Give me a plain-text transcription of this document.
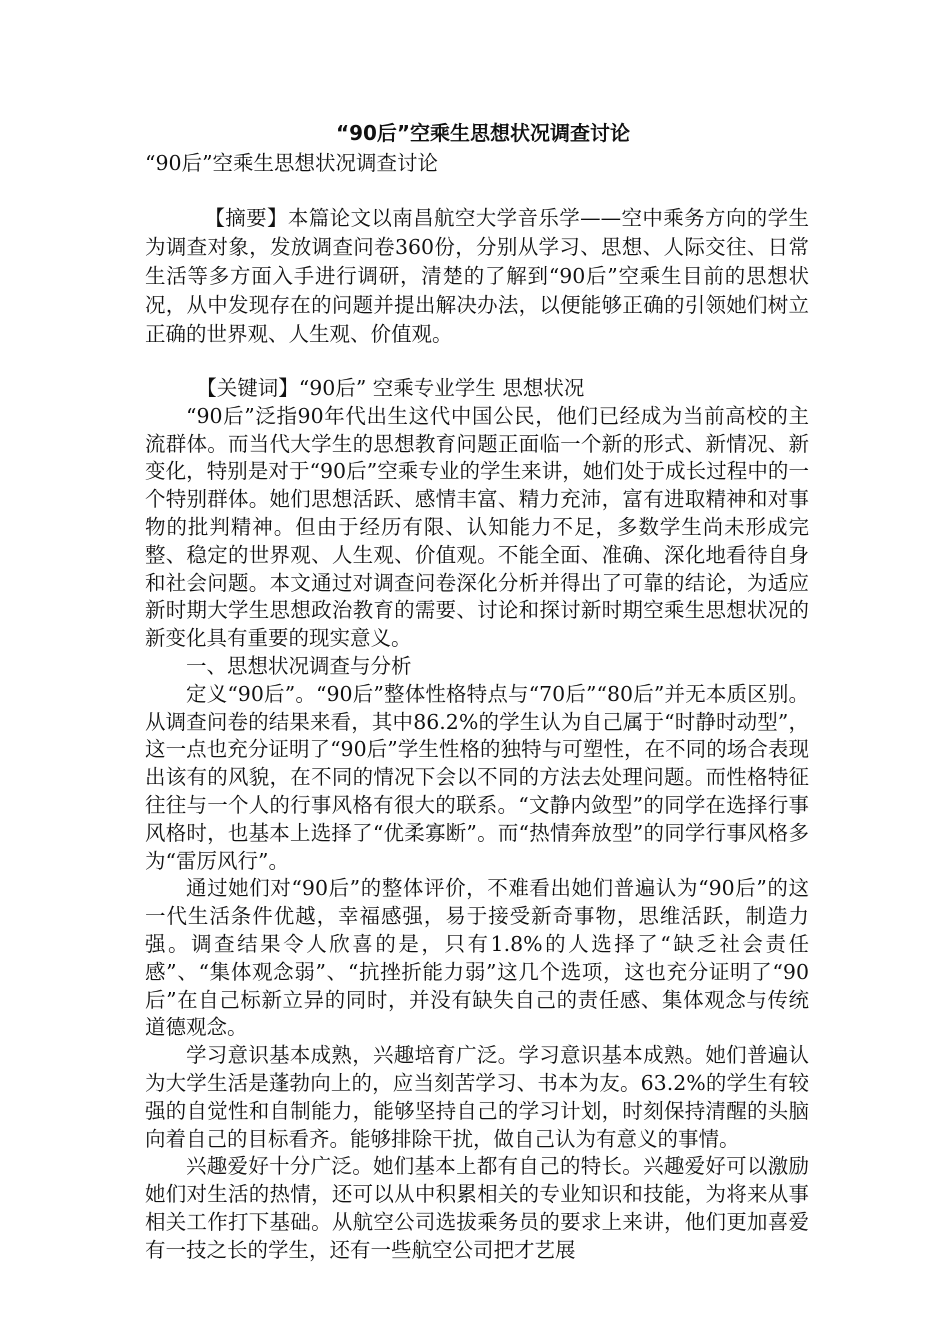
“90后”空乘生思想状况调查讨论

“90后”空乘生思想状况调查讨论

【摘要】本篇论文以南昌航空大学音乐学——空中乘务方向的学生为调查对象，发放调查问卷360份，分别从学习、思想、人际交往、日常生活等多方面入手进行调研，清楚的了解到“90后”空乘生目前的思想状况，从中发现存在的问题并提出解决办法，以便能够正确的引领她们树立正确的世界观、人生观、价值观。

【关键词】“90后” 空乘专业学生 思想状况

“90后”泛指90年代出生这代中国公民，他们已经成为当前高校的主流群体。而当代大学生的思想教育问题正面临一个新的形式、新情况、新变化，特别是对于“90后”空乘专业的学生来讲，她们处于成长过程中的一个特别群体。她们思想活跃、感情丰富、精力充沛，富有进取精神和对事物的批判精神。但由于经历有限、认知能力不足，多数学生尚未形成完整、稳定的世界观、人生观、价值观。不能全面、准确、深化地看待自身和社会问题。本文通过对调查问卷深化分析并得出了可靠的结论，为适应新时期大学生思想政治教育的需要、讨论和探讨新时期空乘生思想状况的新变化具有重要的现实意义。

一、思想状况调查与分析

定义“90后”。“90后”整体性格特点与“70后”“80后”并无本质区别。从调查问卷的结果来看，其中86.2%的学生认为自己属于“时静时动型”，这一点也充分证明了“90后”学生性格的独特与可塑性，在不同的场合表现出该有的风貌，在不同的情况下会以不同的方法去处理问题。而性格特征往往与一个人的行事风格有很大的联系。“文静内敛型”的同学在选择行事风格时，也基本上选择了“优柔寡断”。而“热情奔放型”的同学行事风格多为“雷厉风行”。

通过她们对“90后”的整体评价，不难看出她们普遍认为“90后”的这一代生活条件优越，幸福感强，易于接受新奇事物，思维活跃，制造力强。调查结果令人欣喜的是，只有1.8%的人选择了“缺乏社会责任感”、“集体观念弱”、“抗挫折能力弱”这几个选项，这也充分证明了“90后”在自己标新立异的同时，并没有缺失自己的责任感、集体观念与传统道德观念。

学习意识基本成熟，兴趣培育广泛。学习意识基本成熟。她们普遍认为大学生活是蓬勃向上的，应当刻苦学习、书本为友。63.2%的学生有较强的自觉性和自制能力，能够坚持自己的学习计划，时刻保持清醒的头脑向着自己的目标看齐。能够排除干扰，做自己认为有意义的事情。

兴趣爱好十分广泛。她们基本上都有自己的特长。兴趣爱好可以激励她们对生活的热情，还可以从中积累相关的专业知识和技能，为将来从事相关工作打下基础。从航空公司选拔乘务员的要求上来讲，他们更加喜爱有一技之长的学生，还有一些航空公司把才艺展
